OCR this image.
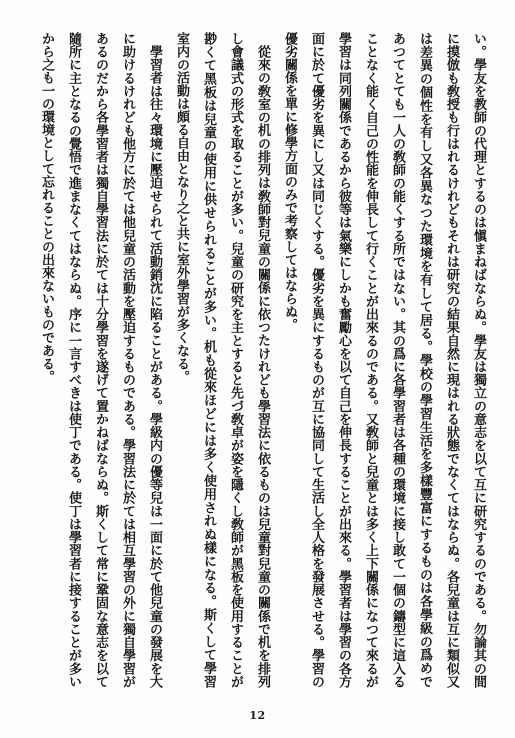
い。學友を教師の代理とするのは愼まねばならぬ。學友は獨立の意志を以て互に研究するのである。勿論其の間
に摸倣も敎授も行はれるけれどもそれは研究の結果自然に現はれる狀態でなくてはならぬ。各兒童は互に類似又
は差異の個性を有し又各異なつた環境を有して居る。學校の學習生活を多樣豐富にするものは各學級の爲めで
あつてとても一人の敎師の能くする所ではない。其の爲に各學習者は各種の環境に接し敢て一個の鑄型に這入る
ことなく能く自己の性能を伸長して行くことが出來るのである。又敎師と兒童とは多く上下關係になつて來るが
學習は同列關係であるから彼等は氣樂にしかも奮勵心を以て自己を伸長することが出來る。學習者は學習の各方
面に於て優劣を異にし又は同じくする。優劣を異にするものが互に協同して生活し全人格を發展させる。學習の
優劣關係を單に修學方面のみで考察してはならぬ。
從來の敎室の机の排列は敎師對兒童の關係に依つたけれども學習法に依るものは兒童對兒童の關係で机を排列
し會議式の形式を取ることが多い。兒童の研究を主とすると先づ敎卓が姿を隱くし敎師が黑板を使用することが
尠くて黑板は兒童の使用に供せられることが多い。机も從來ほどには多く使用されぬ樣になる。斯くして學習
室内の活動は頗る自由となり之と共に室外學習が多くなる。
學習者は往々環境に壓迫せられて活動銷沈に陷ることがある。學級内の優等兒は一面に於て他兒童の發展を大
に助けるけれども他方に於ては他兒童の活動を壓迫するものである。學習法に於ては相互學習の外に獨自學習が
あるのだから各學習者は獨自學習法に於ては十分學習を遂げて置かねばならぬ。斯くして常に鞏固な意志を以て
隨所に主となるの覺悟で進まなくてはならぬ。序に一言すべきは使丁である。使丁は學習者に接することが多い
から之も一の環境として忘れることの出來ないものである。
12
